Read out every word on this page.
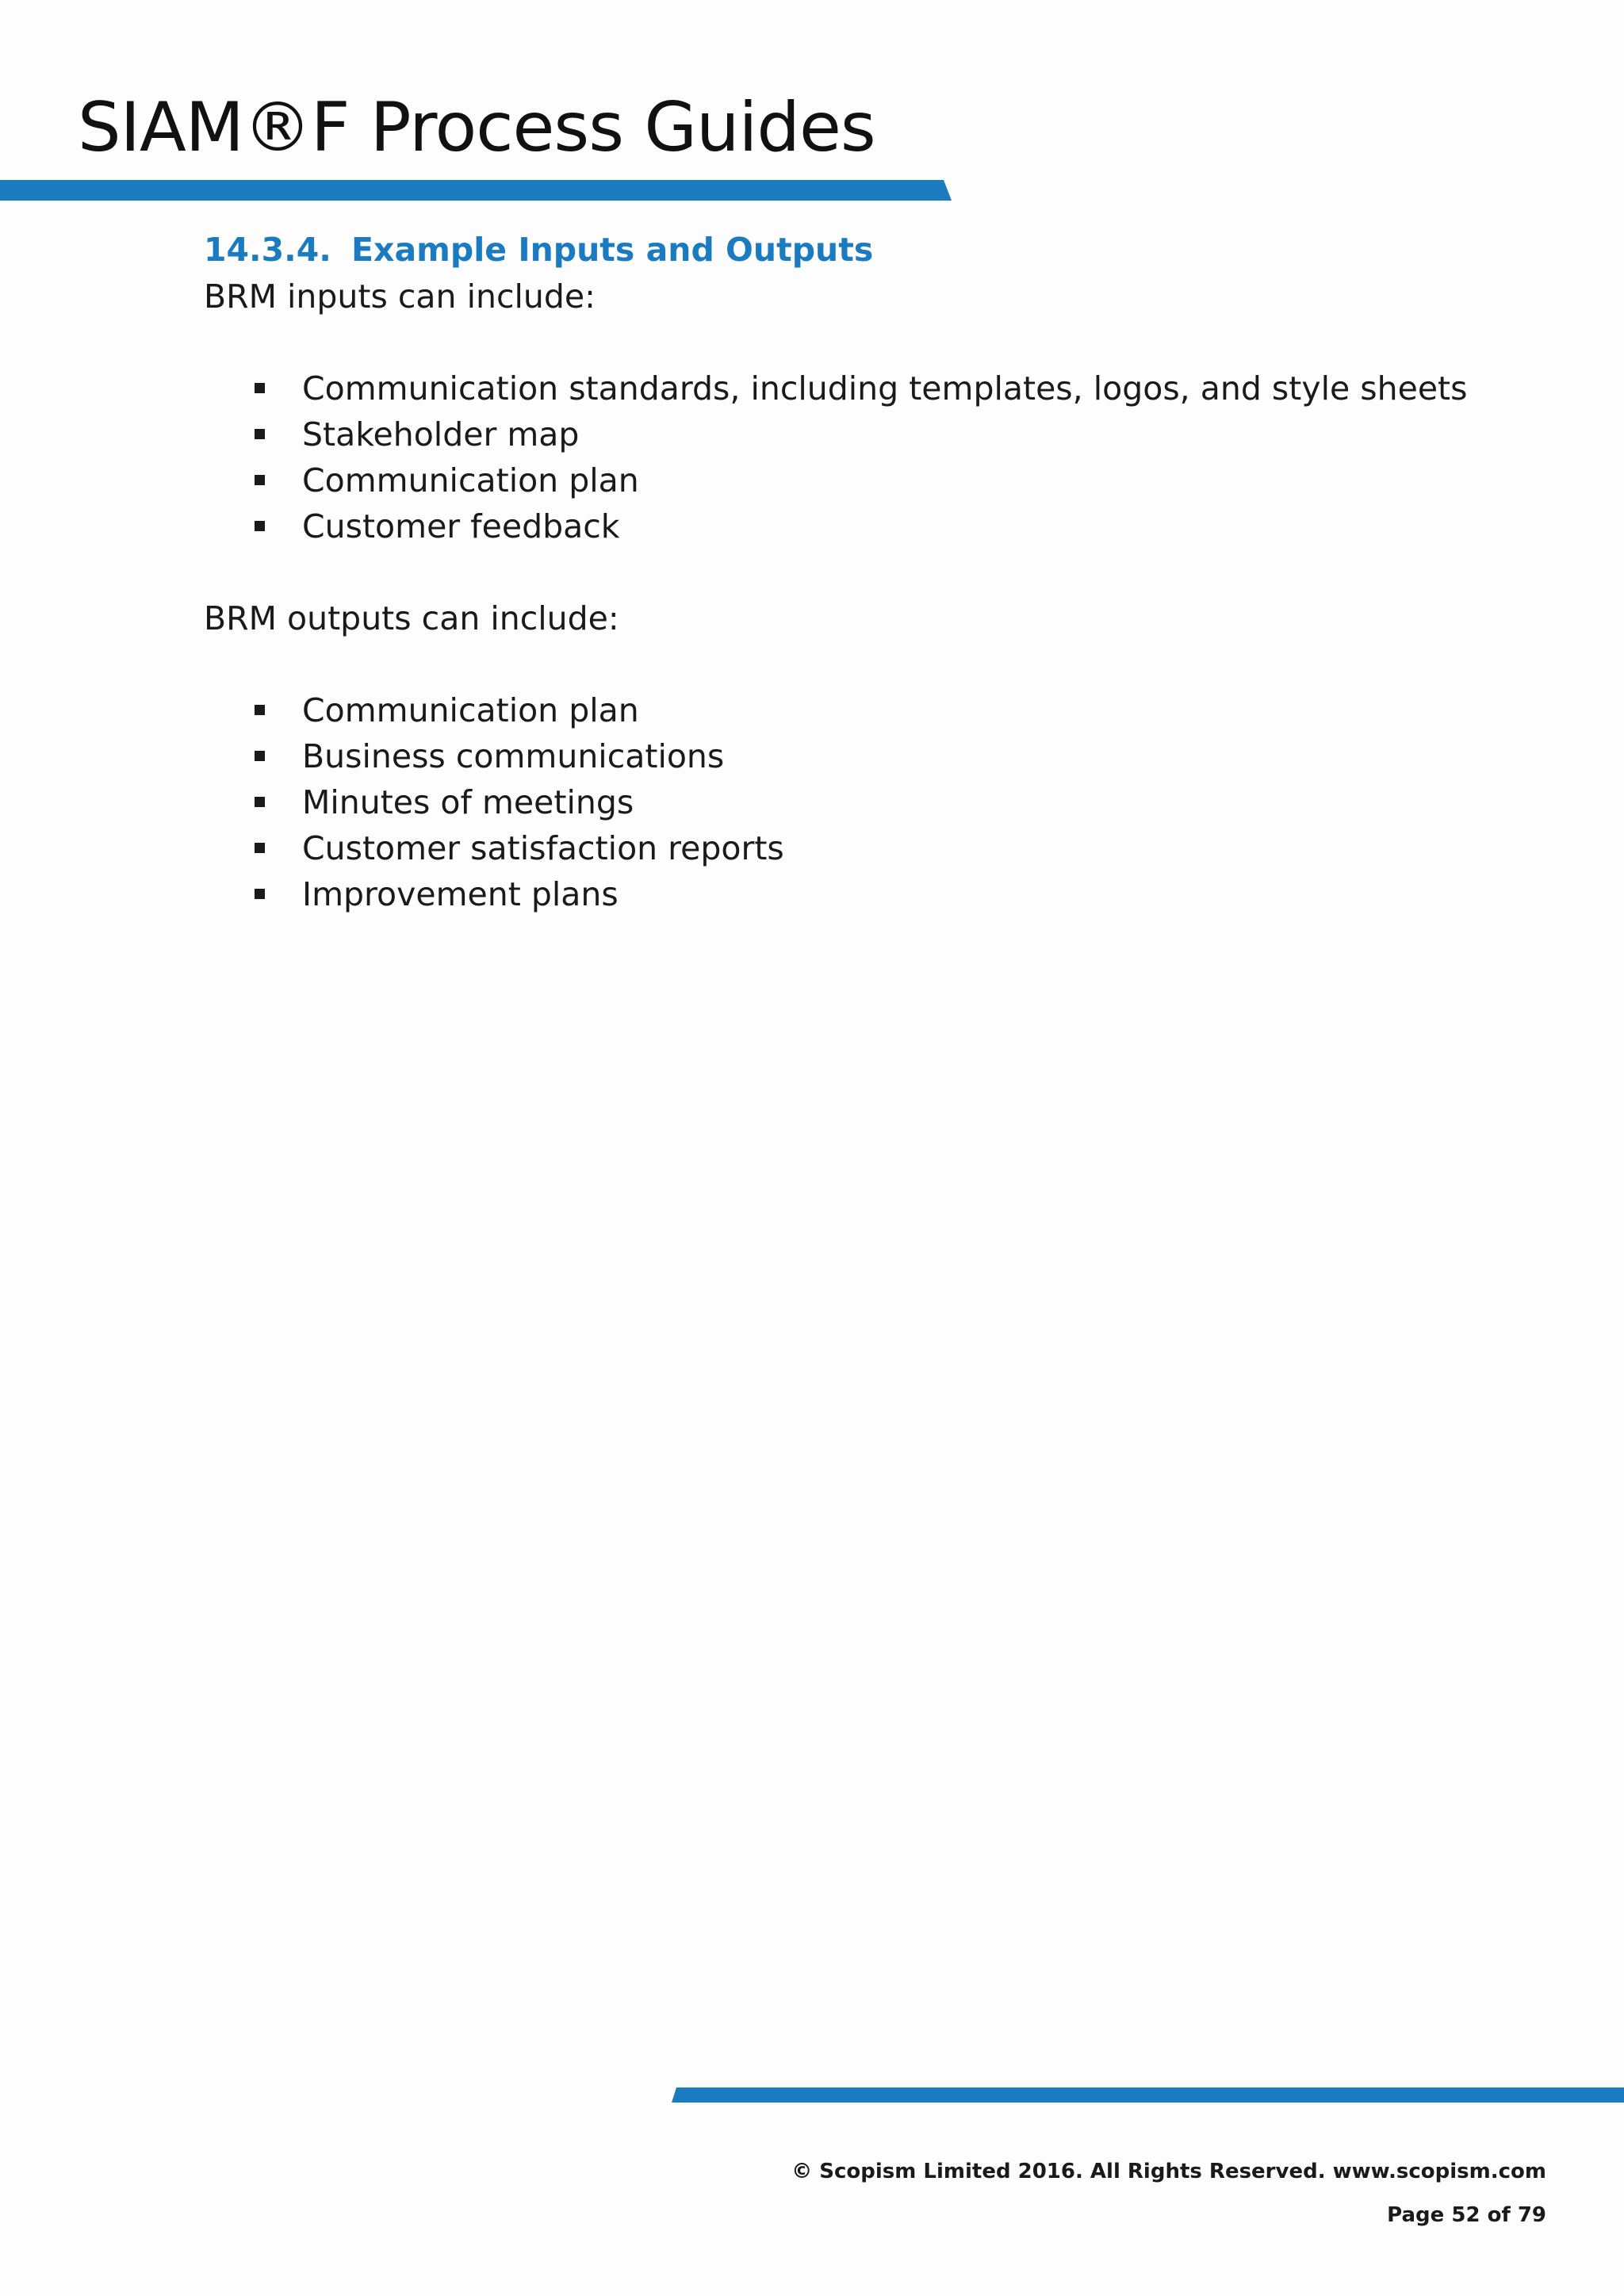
SIAM®F Process Guides
14.3.4. Example Inputs and Outputs

BRM inputs can include:

Communication standards, including templates, logos, and style sheets
Stakeholder map
Communication plan
Customer feedback

BRM outputs can include:

Communication plan
Business communications
Minutes of meetings
Customer satisfaction reports
Improvement plans
© Scopism Limited 2016. All Rights Reserved. www.scopism.com
Page 52 of 79
